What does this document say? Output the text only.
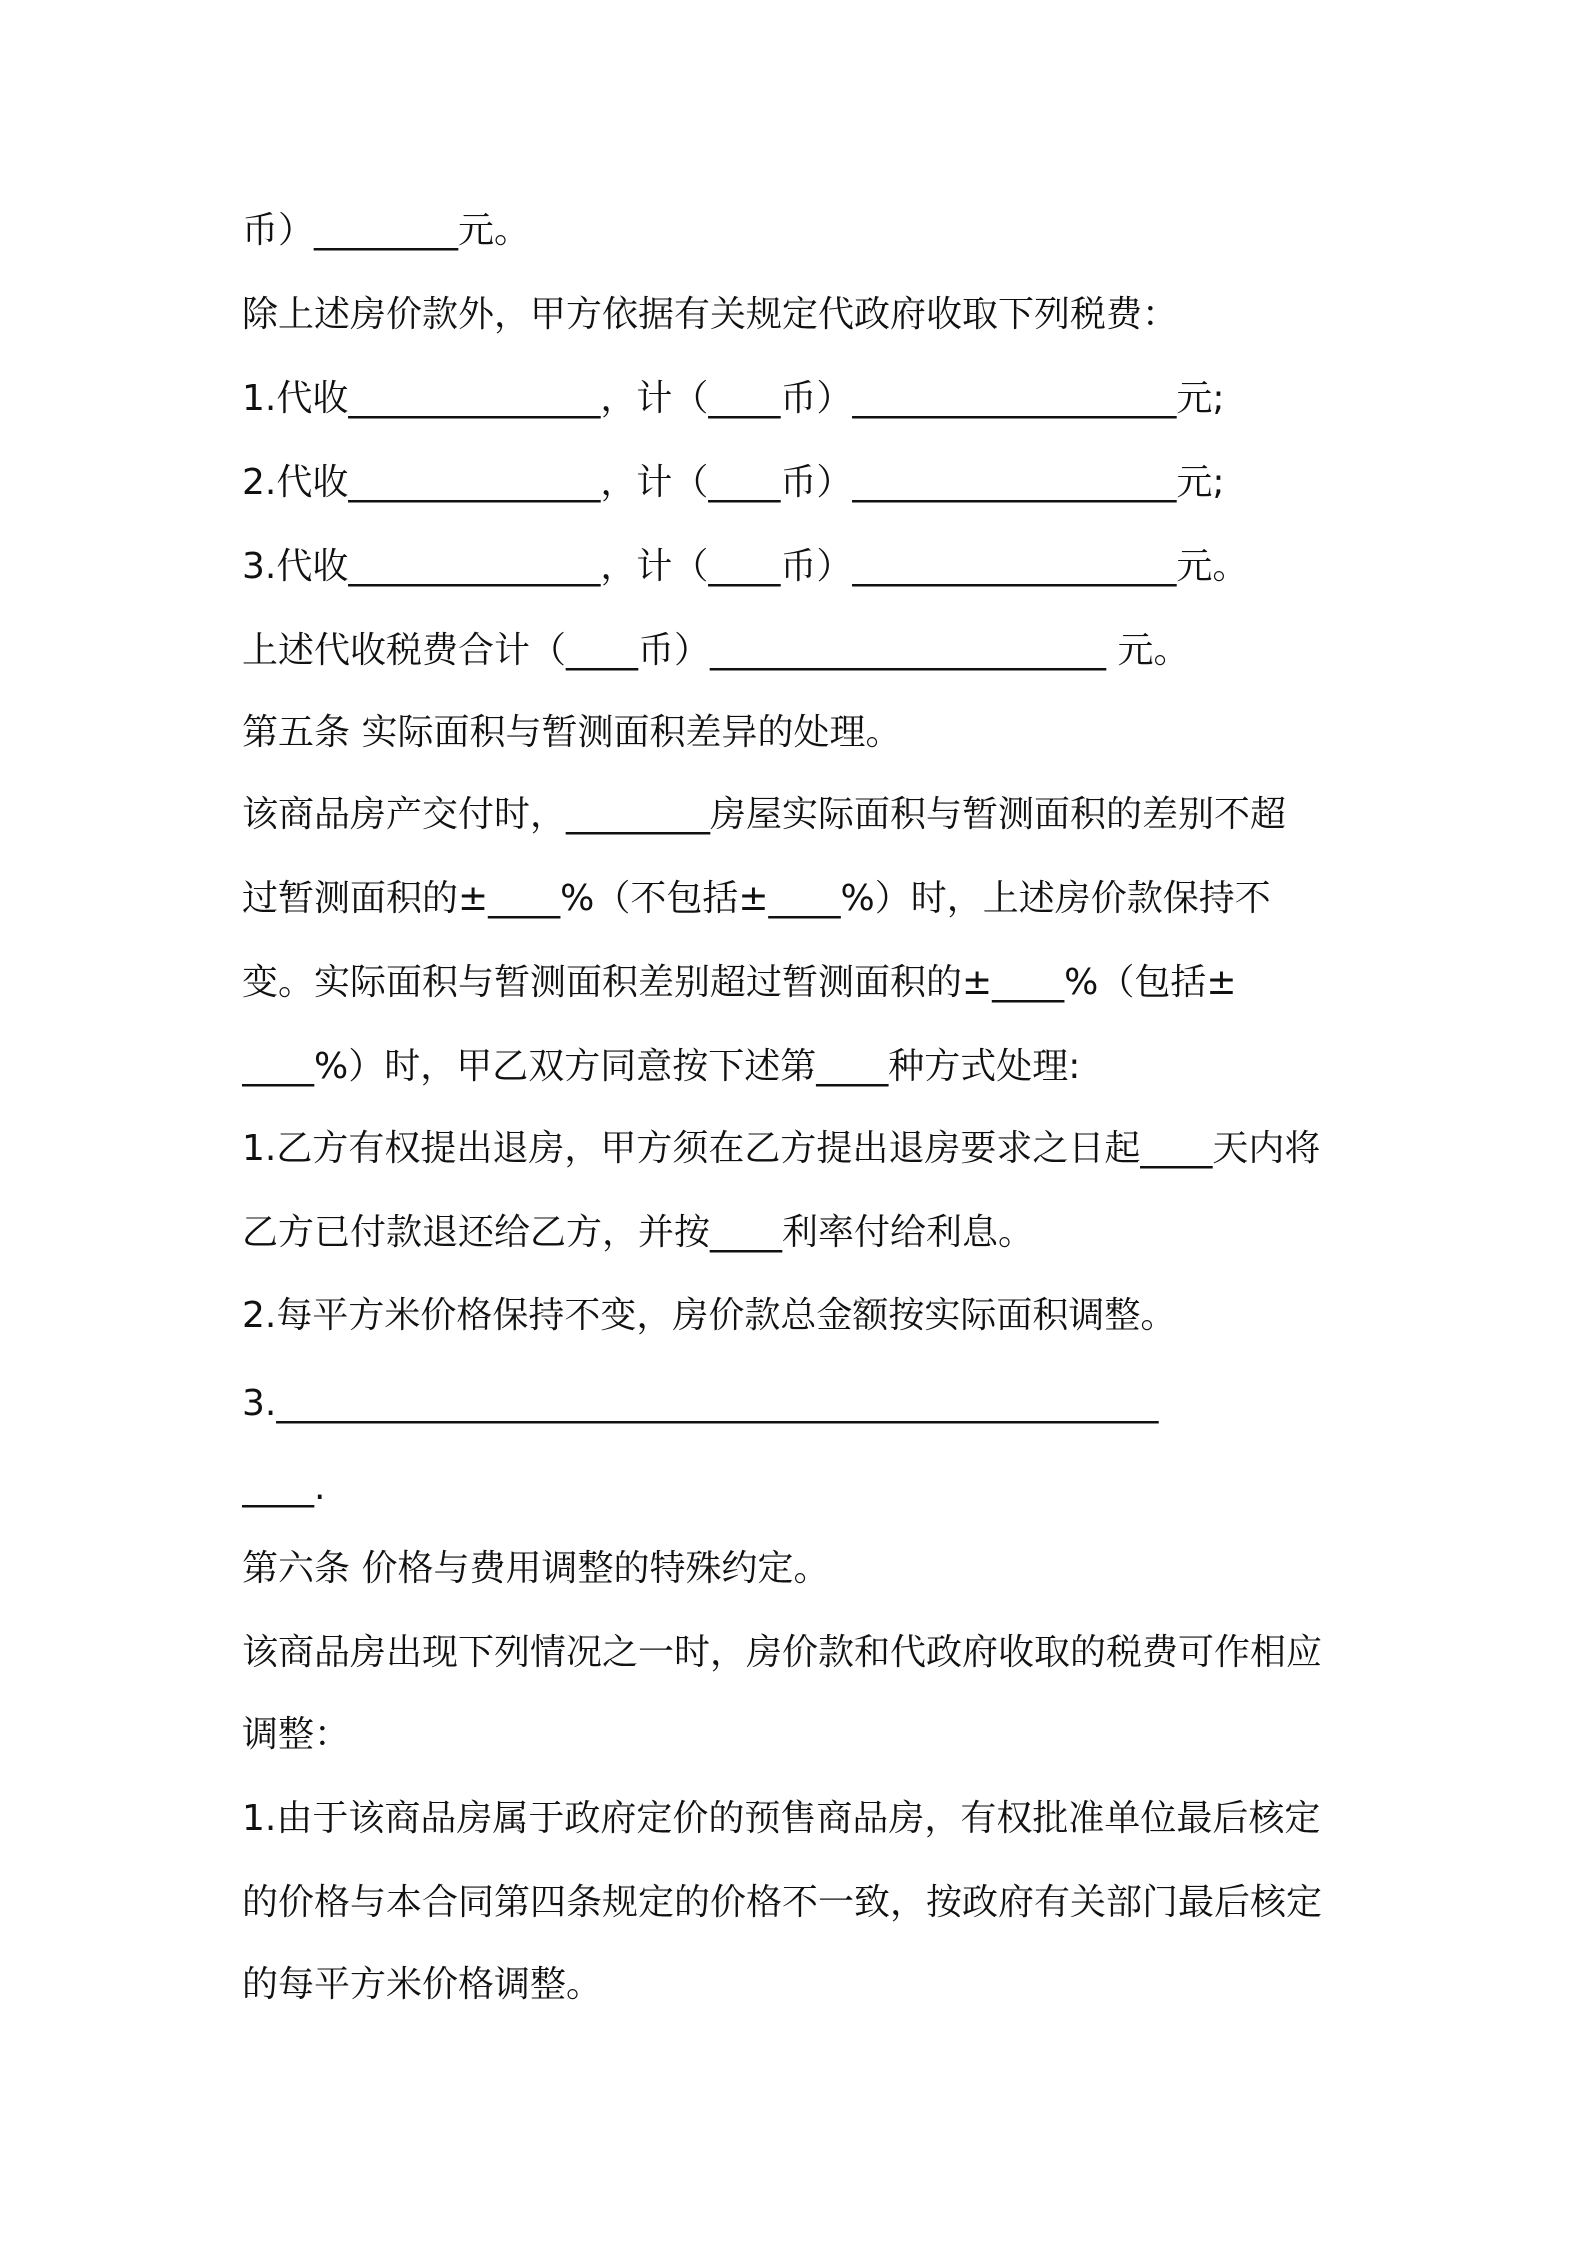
币）________元。
除上述房价款外，甲方依据有关规定代政府收取下列税费：
1.代收______________，计（____币）__________________元;
2.代收______________，计（____币）__________________元;
3.代收______________，计（____币）__________________元。
上述代收税费合计（____币）______________________ 元。
第五条 实际面积与暂测面积差异的处理。
该商品房产交付时，________房屋实际面积与暂测面积的差别不超
过暂测面积的±____%（不包括±____%）时，上述房价款保持不
变。实际面积与暂测面积差别超过暂测面积的±____%（包括±
____%）时，甲乙双方同意按下述第____种方式处理:
1.乙方有权提出退房，甲方须在乙方提出退房要求之日起____天内将
乙方已付款退还给乙方，并按____利率付给利息。
2.每平方米价格保持不变，房价款总金额按实际面积调整。
3._________________________________________________
____.
第六条 价格与费用调整的特殊约定。
该商品房出现下列情况之一时，房价款和代政府收取的税费可作相应
调整：
1.由于该商品房属于政府定价的预售商品房，有权批准单位最后核定
的价格与本合同第四条规定的价格不一致，按政府有关部门最后核定
的每平方米价格调整。
